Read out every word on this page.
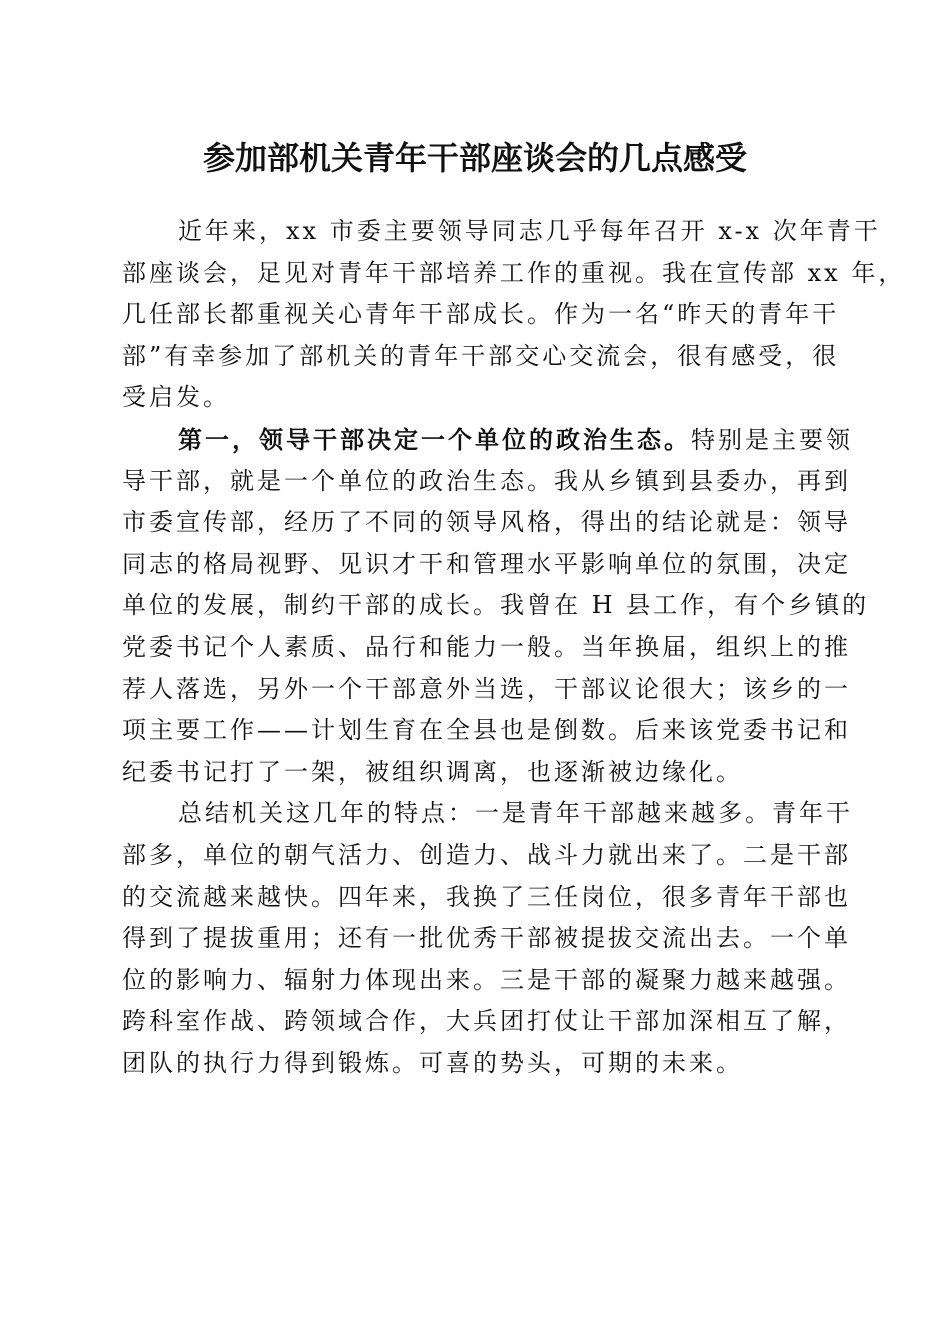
参加部机关青年干部座谈会的几点感受
近年来，xx 市委主要领导同志几乎每年召开 x-x 次年青干
部座谈会，足见对青年干部培养工作的重视。我在宣传部 xx 年，
几任部长都重视关心青年干部成长。作为一名“昨天的青年干
部”有幸参加了部机关的青年干部交心交流会，很有感受，很
受启发。
第一，领导干部决定一个单位的政治生态。特别是主要领
导干部，就是一个单位的政治生态。我从乡镇到县委办，再到
市委宣传部，经历了不同的领导风格，得出的结论就是：领导
同志的格局视野、见识才干和管理水平影响单位的氛围，决定
单位的发展，制约干部的成长。我曾在 H 县工作，有个乡镇的
党委书记个人素质、品行和能力一般。当年换届，组织上的推
荐人落选，另外一个干部意外当选，干部议论很大；该乡的一
项主要工作——计划生育在全县也是倒数。后来该党委书记和
纪委书记打了一架，被组织调离，也逐渐被边缘化。
总结机关这几年的特点：一是青年干部越来越多。青年干
部多，单位的朝气活力、创造力、战斗力就出来了。二是干部
的交流越来越快。四年来，我换了三任岗位，很多青年干部也
得到了提拔重用；还有一批优秀干部被提拔交流出去。一个单
位的影响力、辐射力体现出来。三是干部的凝聚力越来越强。
跨科室作战、跨领域合作，大兵团打仗让干部加深相互了解，
团队的执行力得到锻炼。可喜的势头，可期的未来。
